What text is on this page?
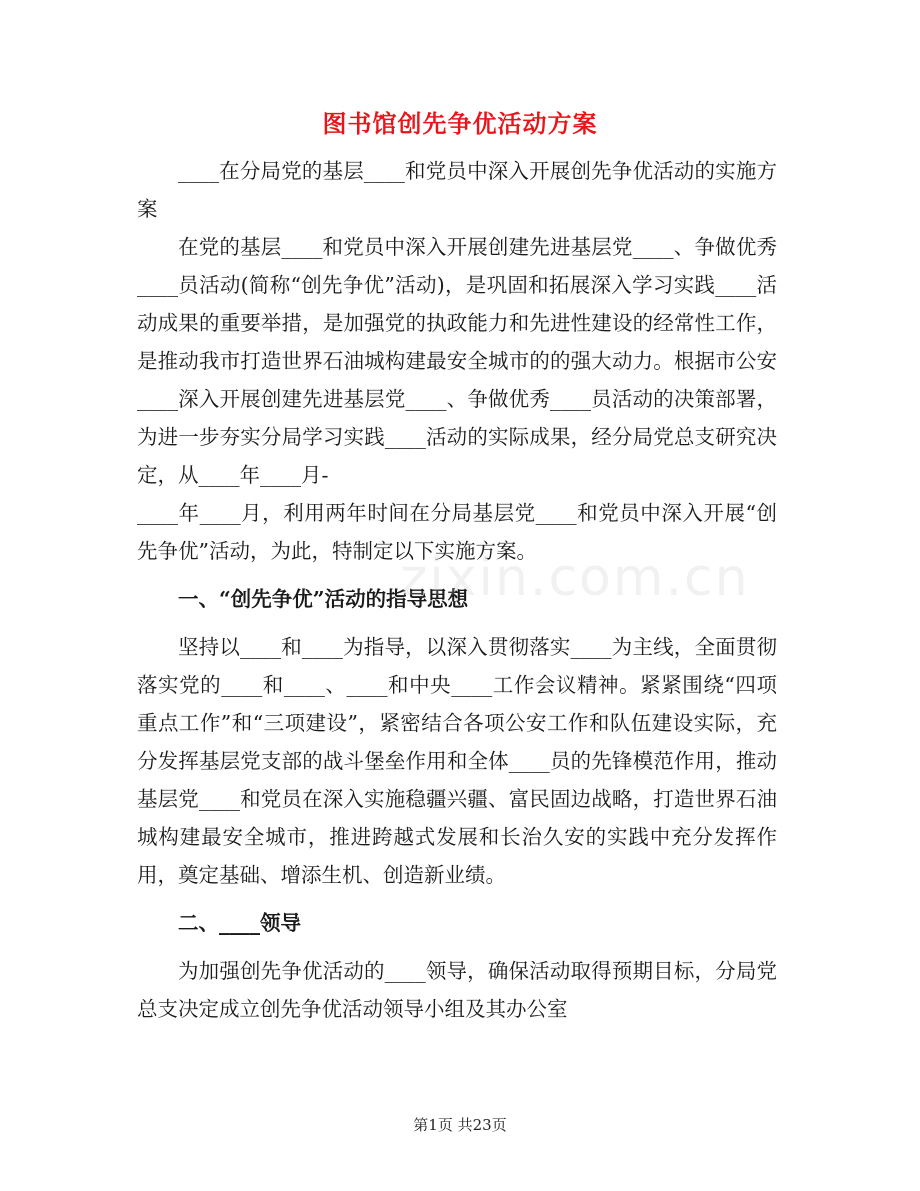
图书馆创先争优活动方案

____在分局党的基层____和党员中深入开展创先争优活动的实施方案

在党的基层____和党员中深入开展创建先进基层党____、争做优秀____员活动(简称“创先争优”活动)，是巩固和拓展深入学习实践____活动成果的重要举措，是加强党的执政能力和先进性建设的经常性工作，是推动我市打造世界石油城构建最安全城市的的强大动力。根据市公安____深入开展创建先进基层党____、争做优秀____员活动的决策部署，为进一步夯实分局学习实践____活动的实际成果，经分局党总支研究决定，从____年____月-

____年____月，利用两年时间在分局基层党____和党员中深入开展“创先争优”活动，为此，特制定以下实施方案。

一、“创先争优”活动的指导思想

坚持以____和____为指导，以深入贯彻落实____为主线，全面贯彻落实党的____和____、____和中央____工作会议精神。紧紧围绕“四项重点工作”和“三项建设”，紧密结合各项公安工作和队伍建设实际，充分发挥基层党支部的战斗堡垒作用和全体____员的先锋模范作用，推动基层党____和党员在深入实施稳疆兴疆、富民固边战略，打造世界石油城构建最安全城市，推进跨越式发展和长治久安的实践中充分发挥作用，奠定基础、增添生机、创造新业绩。

二、____领导

为加强创先争优活动的____领导，确保活动取得预期目标，分局党总支决定成立创先争优活动领导小组及其办公室

zixin.com.cn
第1页 共23页
